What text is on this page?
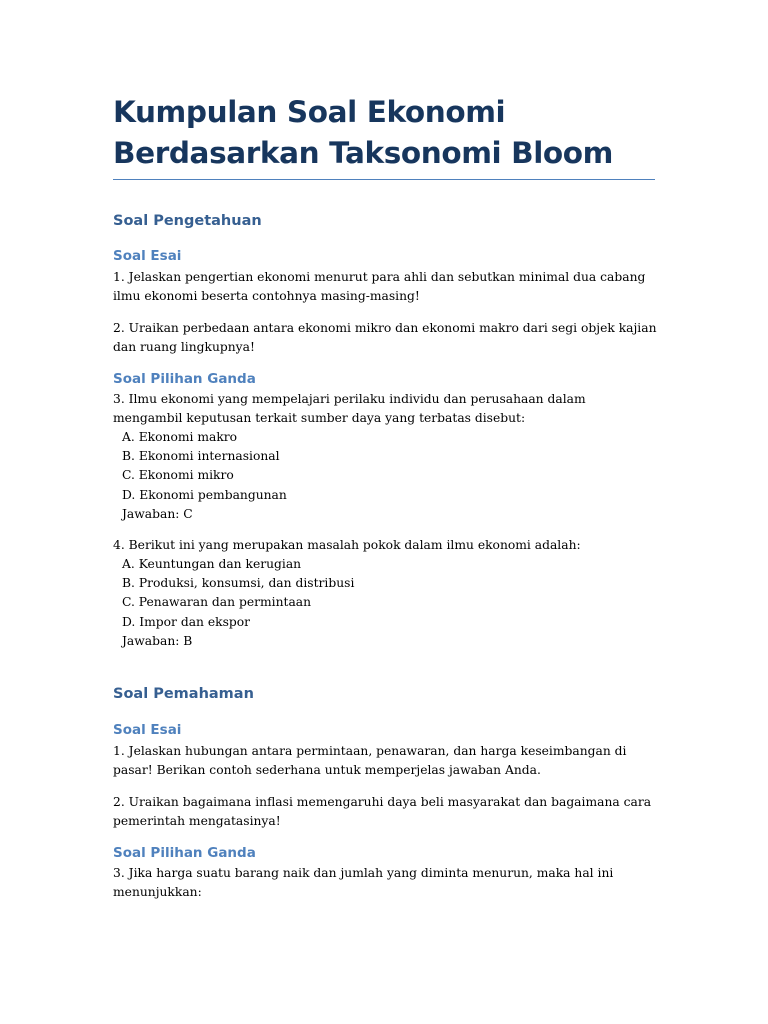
Kumpulan Soal Ekonomi Berdasarkan Taksonomi Bloom
Soal Pengetahuan
Soal Esai

1. Jelaskan pengertian ekonomi menurut para ahli dan sebutkan minimal dua cabang ilmu ekonomi beserta contohnya masing-masing!

2. Uraikan perbedaan antara ekonomi mikro dan ekonomi makro dari segi objek kajian dan ruang lingkupnya!

Soal Pilihan Ganda

3. Ilmu ekonomi yang mempelajari perilaku individu dan perusahaan dalam mengambil keputusan terkait sumber daya yang terbatas disebut:

A. Ekonomi makro

B. Ekonomi internasional

C. Ekonomi mikro

D. Ekonomi pembangunan

Jawaban: C

4. Berikut ini yang merupakan masalah pokok dalam ilmu ekonomi adalah:

A. Keuntungan dan kerugian

B. Produksi, konsumsi, dan distribusi

C. Penawaran dan permintaan

D. Impor dan ekspor

Jawaban: B

Soal Pemahaman
Soal Esai

1. Jelaskan hubungan antara permintaan, penawaran, dan harga keseimbangan di pasar! Berikan contoh sederhana untuk memperjelas jawaban Anda.

2. Uraikan bagaimana inflasi memengaruhi daya beli masyarakat dan bagaimana cara pemerintah mengatasinya!

Soal Pilihan Ganda

3. Jika harga suatu barang naik dan jumlah yang diminta menurun, maka hal ini menunjukkan:
